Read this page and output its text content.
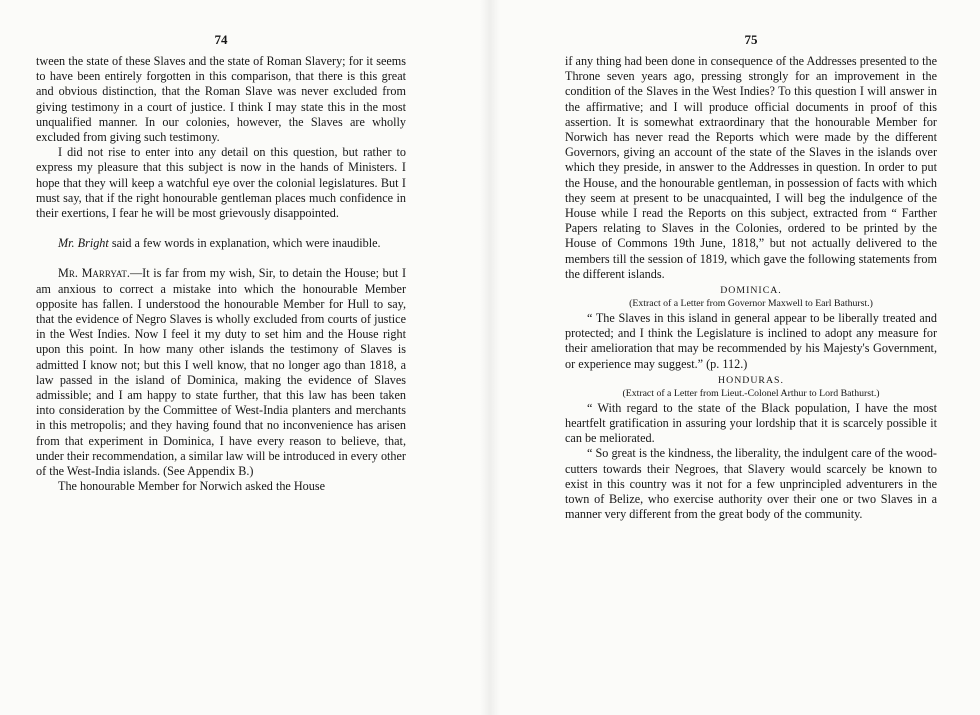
74

tween the state of these Slaves and the state of Roman Slavery; for it seems to have been entirely forgotten in this comparison, that there is this great and obvious distinction, that the Roman Slave was never excluded from giving testimony in a court of justice. I think I may state this in the most unqualified manner. In our colonies, however, the Slaves are wholly excluded from giving such testimony.

I did not rise to enter into any detail on this question, but rather to express my pleasure that this subject is now in the hands of Ministers. I hope that they will keep a watchful eye over the colonial legislatures. But I must say, that if the right honourable gentleman places much confidence in their exertions, I fear he will be most grievously disappointed.

Mr. Bright said a few words in explanation, which were inaudible.

Mr. Marryat.—It is far from my wish, Sir, to detain the House; but I am anxious to correct a mistake into which the honourable Member opposite has fallen. I understood the honourable Member for Hull to say, that the evidence of Negro Slaves is wholly excluded from courts of justice in the West Indies. Now I feel it my duty to set him and the House right upon this point. In how many other islands the testimony of Slaves is admitted I know not; but this I well know, that no longer ago than 1818, a law passed in the island of Dominica, making the evidence of Slaves admissible; and I am happy to state further, that this law has been taken into consideration by the Committee of West-India planters and merchants in this metropolis; and they having found that no inconvenience has arisen from that experiment in Dominica, I have every reason to believe, that, under their recommendation, a similar law will be introduced in every other of the West-India islands. (See Appendix B.)

The honourable Member for Norwich asked the House

75

if any thing had been done in consequence of the Addresses presented to the Throne seven years ago, pressing strongly for an improvement in the condition of the Slaves in the West Indies? To this question I will answer in the affirmative; and I will produce official documents in proof of this assertion. It is somewhat extraordinary that the honourable Member for Norwich has never read the Reports which were made by the different Governors, giving an account of the state of the Slaves in the islands over which they preside, in answer to the Addresses in question. In order to put the House, and the honourable gentleman, in possession of facts with which they seem at present to be unacquainted, I will beg the indulgence of the House while I read the Reports on this subject, extracted from “ Farther Papers relating to Slaves in the Colonies, ordered to be printed by the House of Commons 19th June, 1818,” but not actually delivered to the members till the session of 1819, which gave the following statements from the different islands.

DOMINICA.

(Extract of a Letter from Governor Maxwell to Earl Bathurst.)

“ The Slaves in this island in general appear to be liberally treated and protected; and I think the Legislature is inclined to adopt any measure for their amelioration that may be recommended by his Majesty's Government, or experience may suggest.” (p. 112.)

HONDURAS.

(Extract of a Letter from Lieut.-Colonel Arthur to Lord Bathurst.)

“ With regard to the state of the Black population, I have the most heartfelt gratification in assuring your lordship that it is scarcely possible it can be meliorated.

“ So great is the kindness, the liberality, the indulgent care of the wood-cutters towards their Negroes, that Slavery would scarcely be known to exist in this country was it not for a few unprincipled adventurers in the town of Belize, who exercise authority over their one or two Slaves in a manner very different from the great body of the community.
